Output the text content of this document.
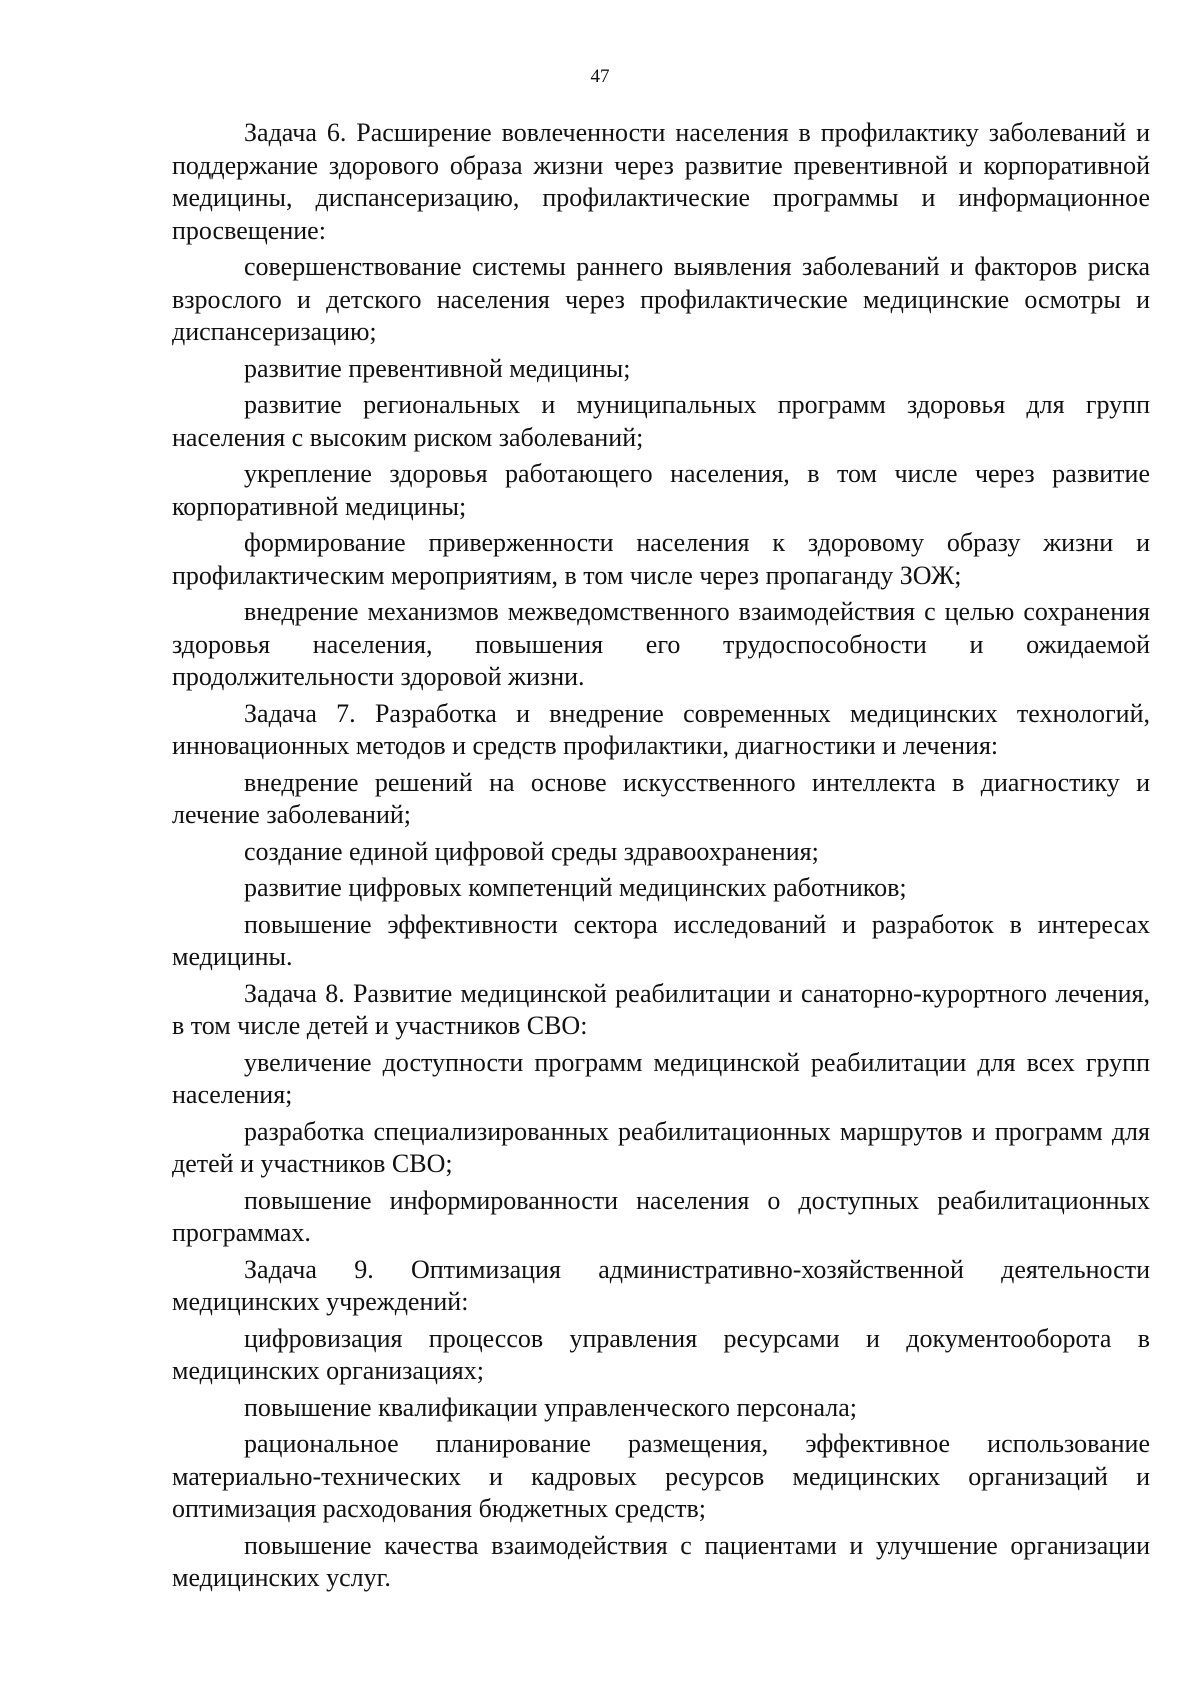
47

Задача 6. Расширение вовлеченности населения в профилактику заболеваний и поддержание здорового образа жизни через развитие превентивной и корпоративной медицины, диспансеризацию, профилактические программы и информационное просвещение:

совершенствование системы раннего выявления заболеваний и факторов риска взрослого и детского населения через профилактические медицинские осмотры и диспансеризацию;

развитие превентивной медицины;

развитие региональных и муниципальных программ здоровья для групп населения с высоким риском заболеваний;

укрепление здоровья работающего населения, в том числе через развитие корпоративной медицины;

формирование приверженности населения к здоровому образу жизни и профилактическим мероприятиям, в том числе через пропаганду ЗОЖ;

внедрение механизмов межведомственного взаимодействия с целью сохранения здоровья населения, повышения его трудоспособности и ожидаемой продолжительности здоровой жизни.

Задача 7. Разработка и внедрение современных медицинских технологий, инновационных методов и средств профилактики, диагностики и лечения:

внедрение решений на основе искусственного интеллекта в диагностику и лечение заболеваний;

создание единой цифровой среды здравоохранения;

развитие цифровых компетенций медицинских работников;

повышение эффективности сектора исследований и разработок в интересах медицины.

Задача 8. Развитие медицинской реабилитации и санаторно-курортного лечения, в том числе детей и участников СВО:

увеличение доступности программ медицинской реабилитации для всех групп населения;

разработка специализированных реабилитационных маршрутов и программ для детей и участников СВО;

повышение информированности населения о доступных реабилитационных программах.

Задача 9. Оптимизация административно-хозяйственной деятельности медицинских учреждений:

цифровизация процессов управления ресурсами и документооборота в медицинских организациях;

повышение квалификации управленческого персонала;

рациональное планирование размещения, эффективное использование материально-технических и кадровых ресурсов медицинских организаций и оптимизация расходования бюджетных средств;

повышение качества взаимодействия с пациентами и улучшение организации медицинских услуг.
